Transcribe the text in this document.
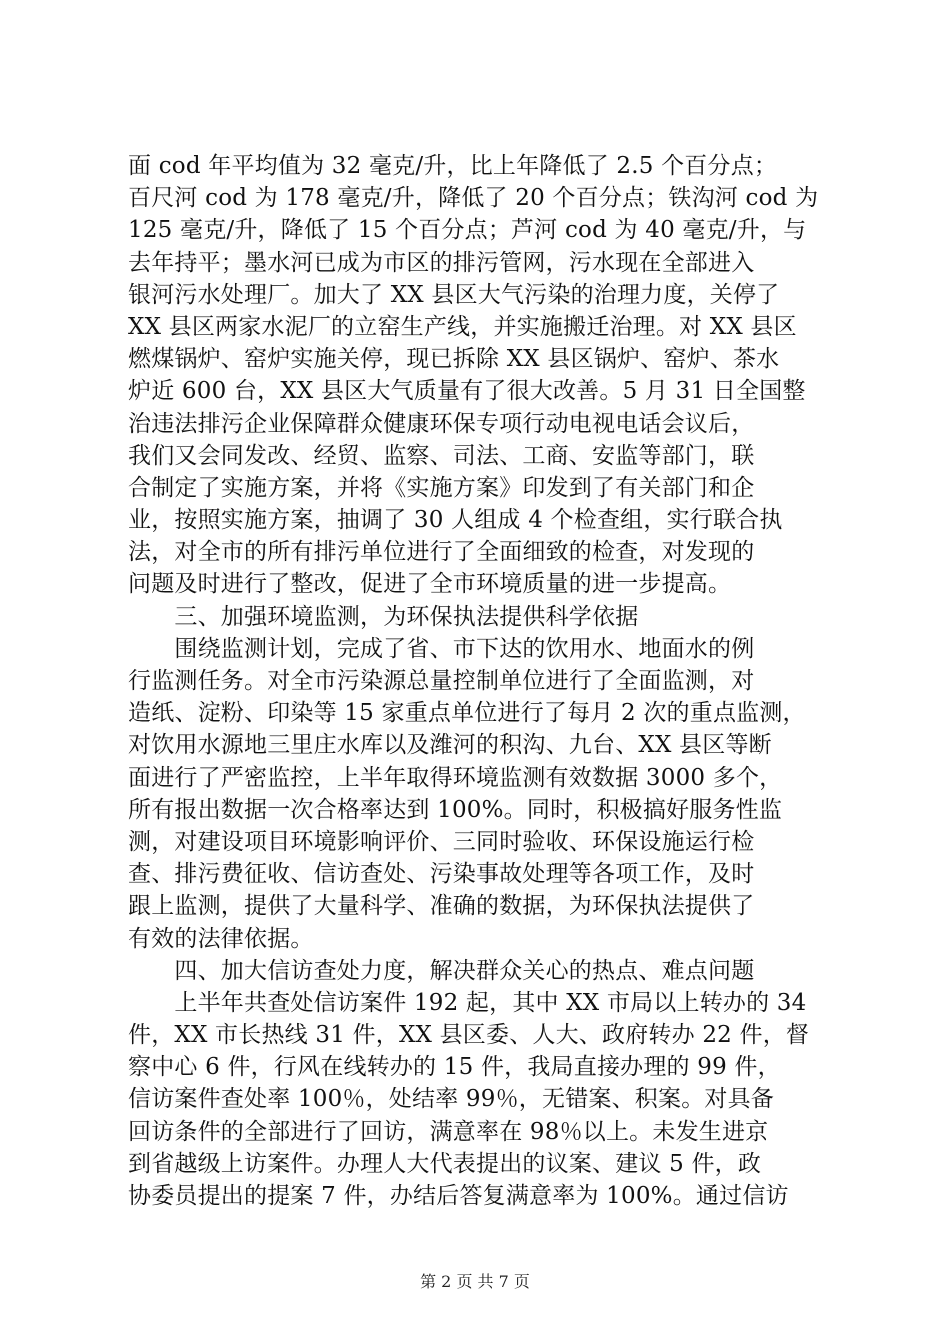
面 cod 年平均值为 32 毫克/升，比上年降低了 2.5 个百分点；
百尺河 cod 为 178 毫克/升，降低了 20 个百分点；铁沟河 cod 为
125 毫克/升，降低了 15 个百分点；芦河 cod 为 40 毫克/升，与
去年持平；墨水河已成为市区的排污管网，污水现在全部进入
银河污水处理厂。加大了 XX 县区大气污染的治理力度，关停了
XX 县区两家水泥厂的立窑生产线，并实施搬迁治理。对 XX 县区
燃煤锅炉、窑炉实施关停，现已拆除 XX 县区锅炉、窑炉、茶水
炉近 600 台，XX 县区大气质量有了很大改善。5 月 31 日全国整
治违法排污企业保障群众健康环保专项行动电视电话会议后，
我们又会同发改、经贸、监察、司法、工商、安监等部门，联
合制定了实施方案，并将《实施方案》印发到了有关部门和企
业，按照实施方案，抽调了 30 人组成 4 个检查组，实行联合执
法，对全市的所有排污单位进行了全面细致的检查，对发现的
问题及时进行了整改，促进了全市环境质量的进一步提高。
　　三、加强环境监测，为环保执法提供科学依据
　　围绕监测计划，完成了省、市下达的饮用水、地面水的例
行监测任务。对全市污染源总量控制单位进行了全面监测，对
造纸、淀粉、印染等 15 家重点单位进行了每月 2 次的重点监测，
对饮用水源地三里庄水库以及潍河的积沟、九台、XX 县区等断
面进行了严密监控，上半年取得环境监测有效数据 3000 多个，
所有报出数据一次合格率达到 100%。同时，积极搞好服务性监
测，对建设项目环境影响评价、三同时验收、环保设施运行检
查、排污费征收、信访查处、污染事故处理等各项工作，及时
跟上监测，提供了大量科学、准确的数据，为环保执法提供了
有效的法律依据。
　　四、加大信访查处力度，解决群众关心的热点、难点问题
　　上半年共查处信访案件 192 起，其中 XX 市局以上转办的 34
件，XX 市长热线 31 件，XX 县区委、人大、政府转办 22 件，督
察中心 6 件，行风在线转办的 15 件，我局直接办理的 99 件，
信访案件查处率 100％，处结率 99％，无错案、积案。对具备
回访条件的全部进行了回访，满意率在 98％以上。未发生进京
到省越级上访案件。办理人大代表提出的议案、建议 5 件，政
协委员提出的提案 7 件，办结后答复满意率为 100%。通过信访
第 2 页 共 7 页
